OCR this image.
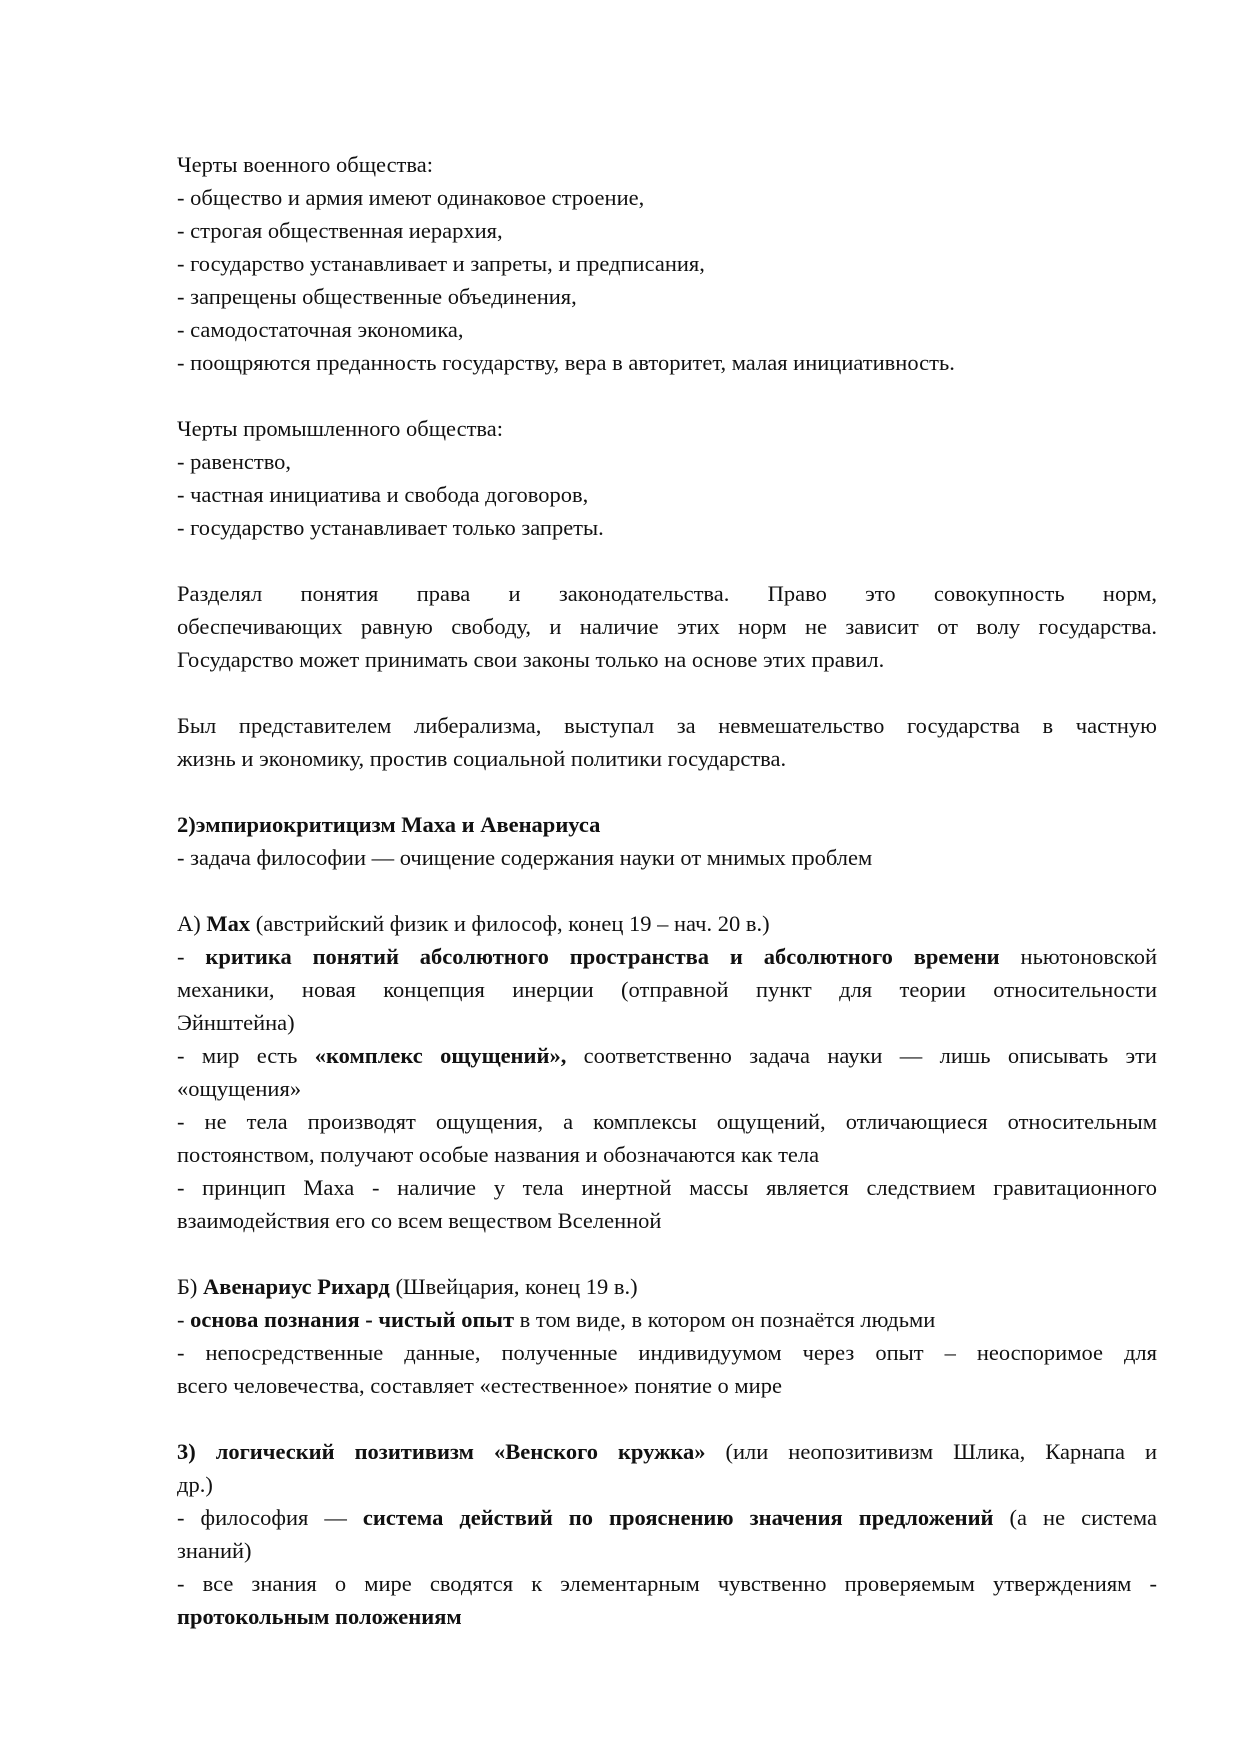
Черты военного общества:
- общество и армия имеют одинаковое строение,
- строгая общественная иерархия,
- государство устанавливает и запреты, и предписания,
- запрещены общественные объединения,
- самодостаточная экономика,
- поощряются преданность государству, вера в авторитет, малая инициативность.
Черты промышленного общества:
- равенство,
- частная инициатива и свобода договоров,
- государство устанавливает только запреты.
Разделял понятия права и законодательства. Право это совокупность норм,
обеспечивающих равную свободу, и наличие этих норм не зависит от волу государства.
Государство может принимать свои законы только на основе этих правил.
Был представителем либерализма, выступал за невмешательство государства в частную
жизнь и экономику, простив социальной политики государства.
2)эмпириокритицизм Маха и Авенариуса
- задача философии — очищение содержания науки от мнимых проблем
А) Мах (австрийский физик и философ, конец 19 – нач. 20 в.)
- критика понятий абсолютного пространства и абсолютного времени ньютоновской
механики, новая концепция инерции (отправной пункт для теории относительности
Эйнштейна)
- мир есть «комплекс ощущений», соответственно задача науки — лишь описывать эти
«ощущения»
- не тела производят ощущения, а комплексы ощущений, отличающиеся относительным
постоянством, получают особые названия и обозначаются как тела
- принцип Маха - наличие у тела инертной массы является следствием гравитационного
взаимодействия его со всем веществом Вселенной
Б) Авенариус Рихард (Швейцария, конец 19 в.)
- основа познания - чистый опыт в том виде, в котором он познаётся людьми
- непосредственные данные, полученные индивидуумом через опыт – неоспоримое для
всего человечества, составляет «естественное» понятие о мире
3) логический позитивизм «Венского кружка» (или неопозитивизм Шлика, Карнапа и
др.)
- философия — система действий по прояснению значения предложений (а не система
знаний)
- все знания о мире сводятся к элементарным чувственно проверяемым утверждениям -
протокольным положениям
